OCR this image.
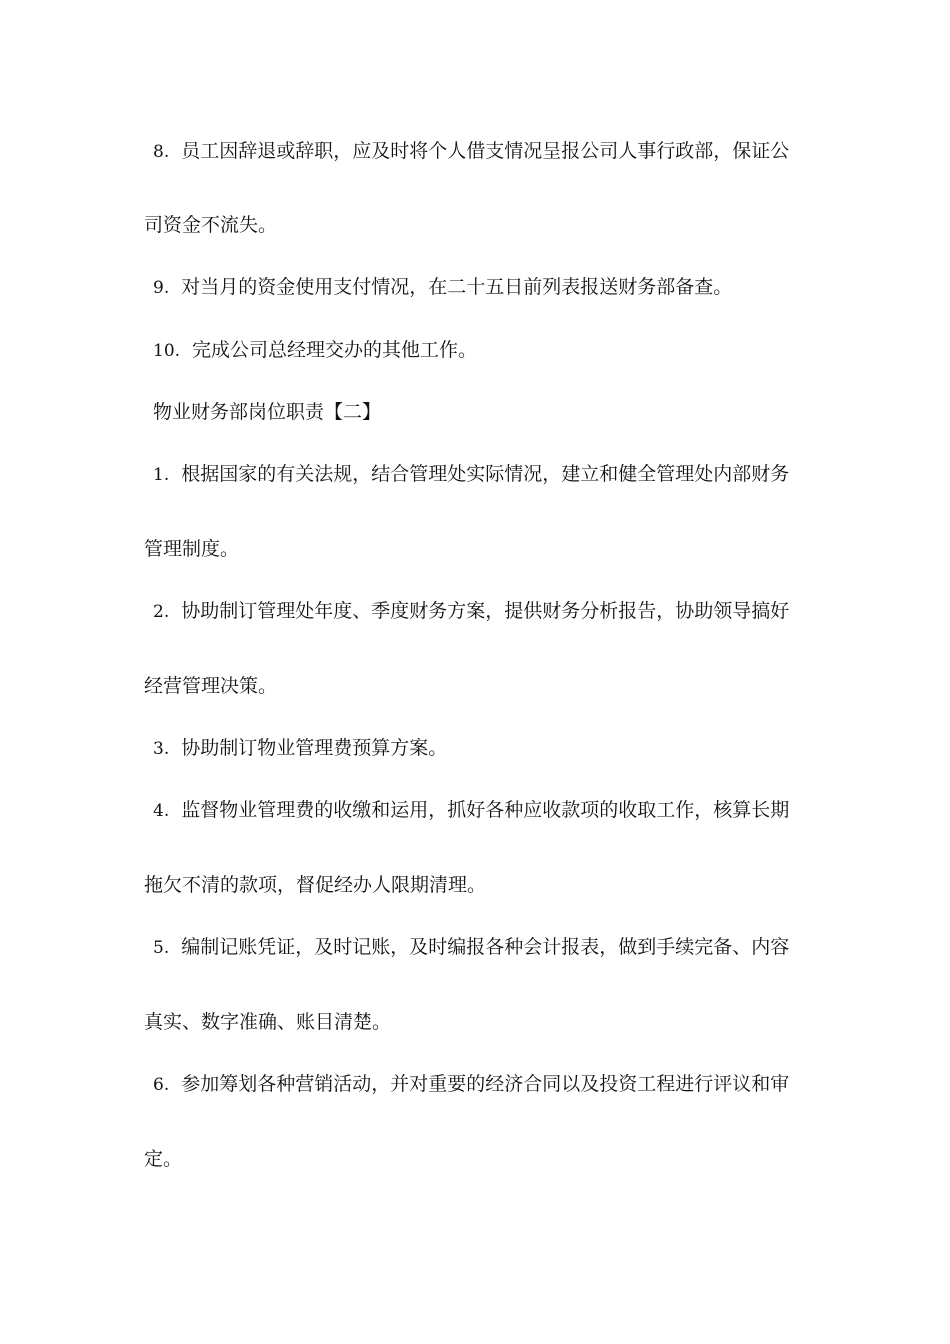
8. 员工因辞退或辞职，应及时将个人借支情况呈报公司人事行政部，保证公
司资金不流失。
9. 对当月的资金使用支付情况，在二十五日前列表报送财务部备查。
10. 完成公司总经理交办的其他工作。
物业财务部岗位职责【二】
1. 根据国家的有关法规，结合管理处实际情况，建立和健全管理处内部财务
管理制度。
2. 协助制订管理处年度、季度财务方案，提供财务分析报告，协助领导搞好
经营管理决策。
3. 协助制订物业管理费预算方案。
4. 监督物业管理费的收缴和运用，抓好各种应收款项的收取工作，核算长期
拖欠不清的款项，督促经办人限期清理。
5. 编制记账凭证，及时记账，及时编报各种会计报表，做到手续完备、内容
真实、数字准确、账目清楚。
6. 参加筹划各种营销活动，并对重要的经济合同以及投资工程进行评议和审
定。
